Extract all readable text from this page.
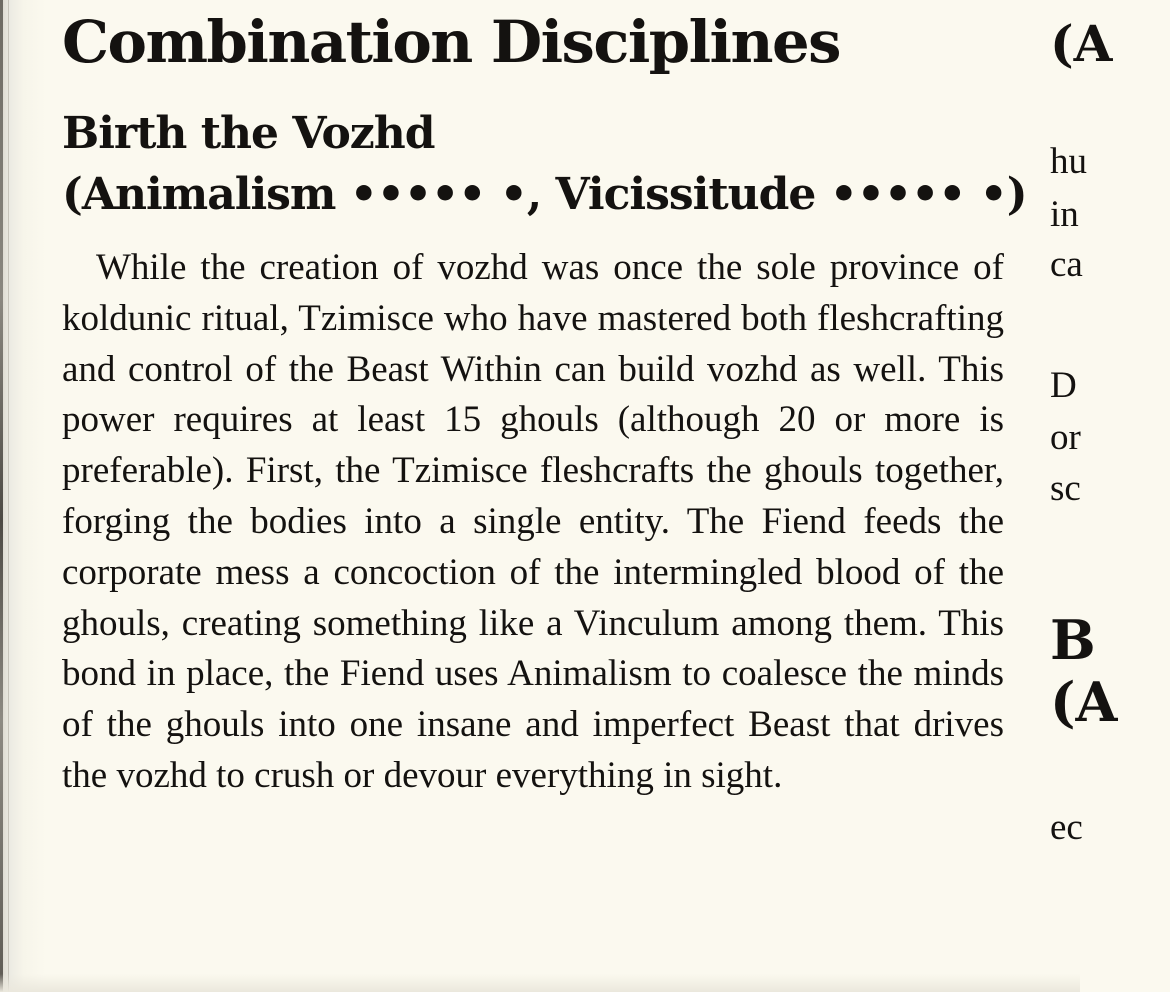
Combination Disciplines
Birth the Vozhd
(Animalism ••••• •, Vicissitude ••••• •)

While the creation of vozhd was once the sole province of koldunic ritual, Tzimisce who have mastered both fleshcrafting and control of the Beast Within can build vozhd as well. This power requires at least 15 ghouls (although 20 or more is preferable). First, the Tzimisce fleshcrafts the ghouls together, forging the bodies into a single entity. The Fiend feeds the corporate mess a concoction of the intermingled blood of the ghouls, creating something like a Vinculum among them. This bond in place, the Fiend uses Animalism to coalesce the minds of the ghouls into one insane and imperfect Beast that drives the vozhd to crush or devour everything in sight.

(A

hu

in

ca

D

or

sc

B

(A

ec
